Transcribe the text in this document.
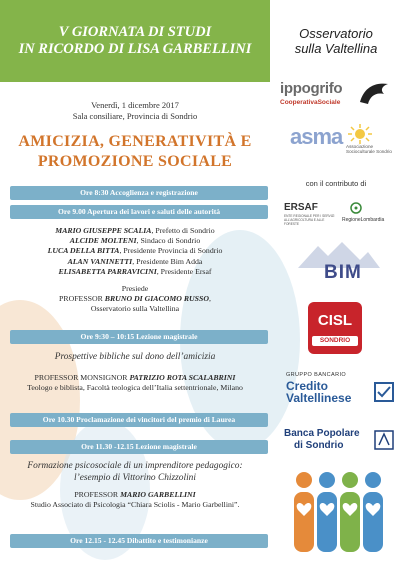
V GIORNATA DI STUDI
IN RICORDO DI LISA GARBELLINI
Venerdì, 1 dicembre 2017
Sala consiliare, Provincia di Sondrio
AMICIZIA, GENERATIVITÀ E
PROMOZIONE SOCIALE
Ore 8:30 Accoglienza e registrazione
Ore 9.00 Apertura dei lavori e saluti delle autorità
MARIO GIUSEPPE SCALIA, Prefetto di Sondrio
ALCIDE MOLTENI, Sindaco di Sondrio
LUCA DELLA BITTA, Presidente Provincia di Sondrio
ALAN VANINETTI, Presidente Bim Adda
ELISABETTA PARRAVICINI, Presidente Ersaf
Presiede
PROFESSOR BRUNO DI GIACOMO RUSSO,
Osservatorio sulla Valtellina
Ore 9:30 – 10:15 Lezione magistrale
Prospettive bibliche sul dono dell’amicizia
PROFESSOR MONSIGNOR PATRIZIO ROTA SCALABRINI
Teologo e biblista, Facoltà teologica dell’Italia settentrionale, Milano
Ore 10.30 Proclamazione dei vincitori del premio di Laurea
Ore 11.30 -12.15 Lezione magistrale
Formazione psicosociale di un imprenditore pedagogico:
l’esempio di Vittorino Chizzolini
PROFESSOR MARIO GARBELLINI
Studio Associato di Psicologia “Chiara Sciolis - Mario Garbellini”.
Ore 12.15 - 12.45 Dibattito e testimonianze
Osservatorio
sulla Valtellina
ippogrifo
CooperativaSociale
asma Associazione Socioculturale Sondrio
con il contributo di
ERSAF
ENTE REGIONALE PER I SERVIZI ALL'AGRICOLTURA E ALLE FORESTE
RegioneLombardia
BIM
CISL
SONDRIO
GRUPPO BANCARIO
Credito
Valtellinese
Banca Popolare
di Sondrio
